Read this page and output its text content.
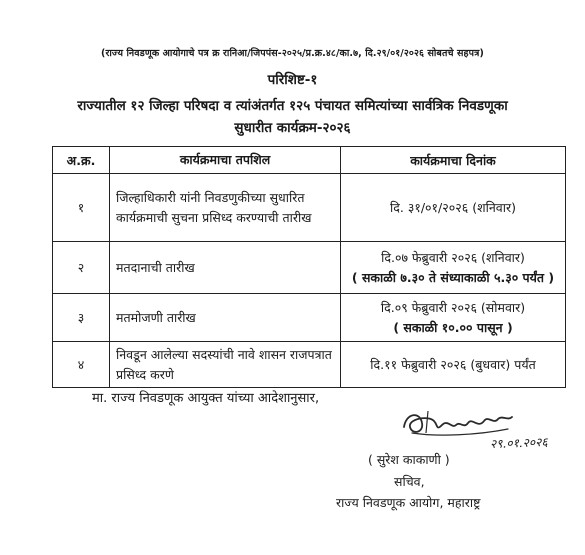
(राज्य निवडणूक आयोगाचे पत्र क्र रानिआ/जिपपंस-२०२५/प्र.क्र.४८/का.७, दि.२९/०१/२०२६ सोबतचे सहपत्र)
परिशिष्ट-१
राज्यातील १२ जिल्हा परिषदा व त्यांअंतर्गत १२५ पंचायत समित्यांच्या सार्वत्रिक निवडणूका
सुधारीत कार्यक्रम-२०२६
अ.क्र.	कार्यक्रमाचा तपशिल	कार्यक्रमाचा दिनांक
१	जिल्हाधिकारी यांनी निवडणुकीच्या सुधारित कार्यक्रमाची सुचना प्रसिध्द करण्याची तारीख	दि. ३१/०१/२०२६ (शनिवार)

२	मतदानाची तारीख	दि.०७ फेब्रुवारी २०२६ (शनिवार)
( सकाळी ७.३० ते संध्याकाळी ५.३० पर्यंत )

३	मतमोजणी तारीख	दि.०९ फेब्रुवारी २०२६ (सोमवार)
( सकाळी १०.०० पासून )

४	निवडून आलेल्या सदस्यांची नावे शासन राजपत्रात प्रसिध्द करणे	दि.११ फेब्रुवारी २०२६ (बुधवार) पर्यंत
मा. राज्य निवडणूक आयुक्त यांच्या आदेशानुसार,
२९.०१.२०२६
( सुरेश काकाणी )
सचिव,
राज्य निवडणूक आयोग, महाराष्ट्र
